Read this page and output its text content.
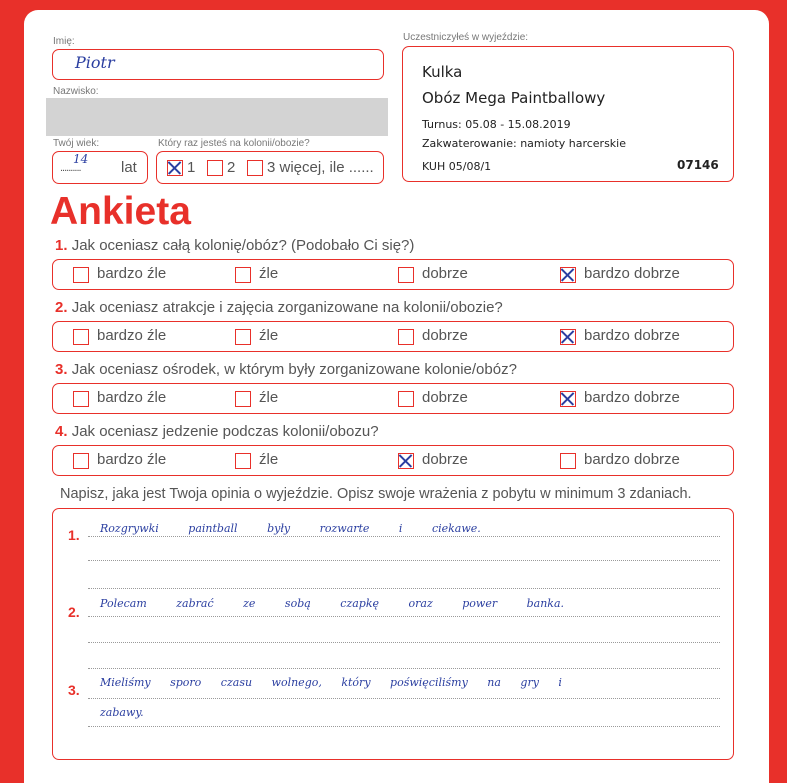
Imię:
Piotr
Nazwisko:
Twój wiek:
..........
14 lat
Który raz jesteś na kolonii/obozie?
1 2 3 więcej, ile ......
Uczestniczyłeś w wyjeździe:
Kulka
Obóz Mega Paintballowy
Turnus: 05.08 - 15.08.2019
Zakwaterowanie: namioty harcerskie
KUH 05/08/1	07146
Ankieta
1. Jak oceniasz całą kolonię/obóz? (Podobało Ci się?)
bardzo źle	źle	dobrze	bardzo dobrze
2. Jak oceniasz atrakcje i zajęcia zorganizowane na kolonii/obozie?
bardzo źle	źle	dobrze	bardzo dobrze
3. Jak oceniasz ośrodek, w którym były zorganizowane kolonie/obóz?
bardzo źle	źle	dobrze	bardzo dobrze
4. Jak oceniasz jedzenie podczas kolonii/obozu?
bardzo źle	źle	dobrze	bardzo dobrze
Napisz, jaka jest Twoja opinia o wyjeździe. Opisz swoje wrażenia z pobytu w minimum 3 zdaniach.
1. Rozgrywki paintball były rozwarte i ciekawe.
2.
Polecam zabrać ze sobą czapkę oraz power banka.
3. Mieliśmy sporo czasu wolnego, który poświęciliśmy na gry i
zabawy.
